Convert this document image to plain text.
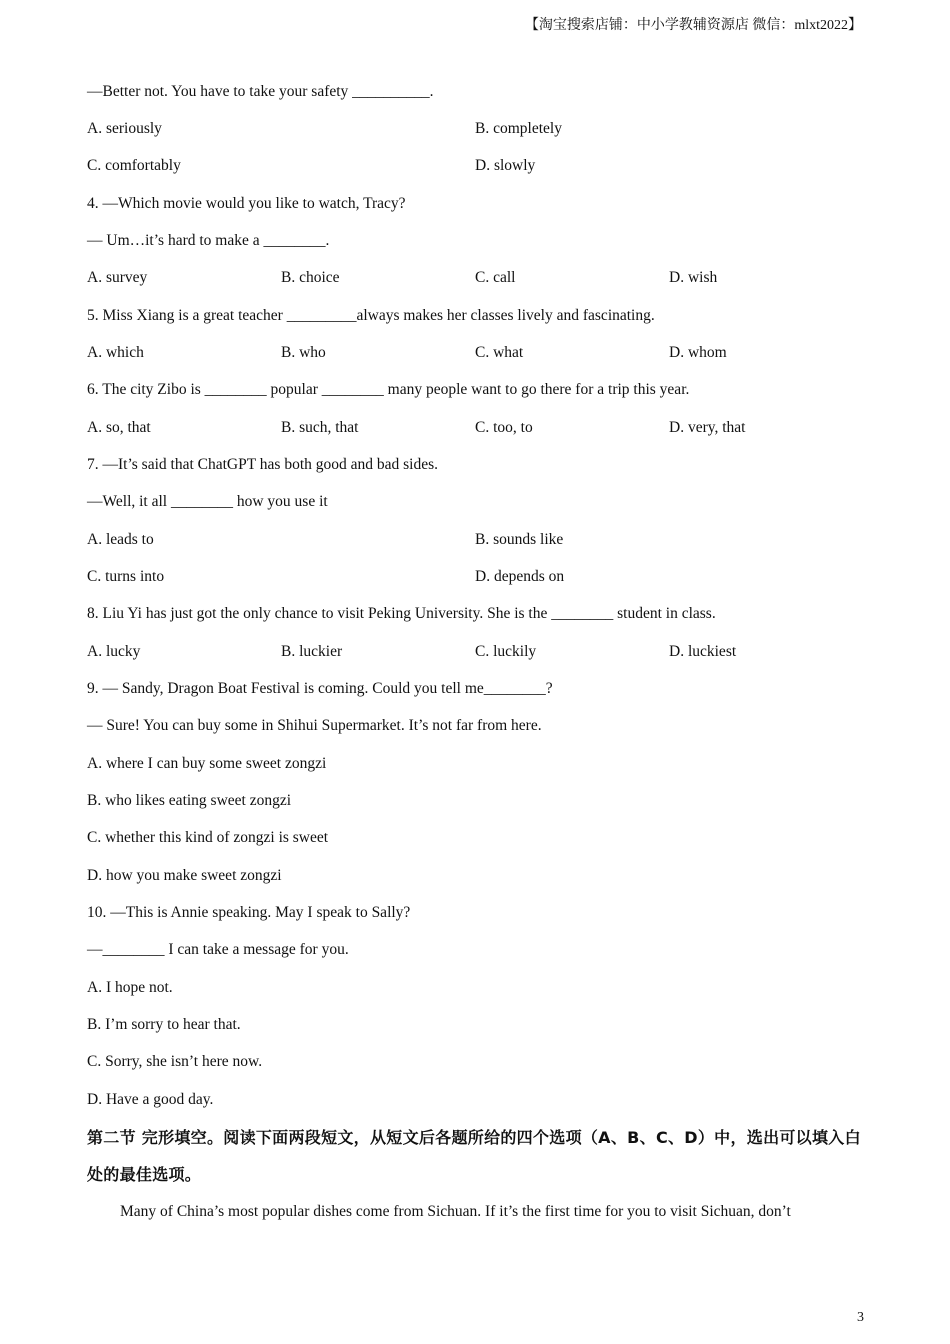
【淘宝搜索店铺：中小学教辅资源店 微信：mlxt2022】
—Better not. You have to take your safety __________.
A. seriously	B. completely
C. comfortably	D. slowly
4. —Which movie would you like to watch, Tracy?
— Um…it’s hard to make a ________.
A. survey	B. choice	C. call	D. wish
5. Miss Xiang is a great teacher _________always makes her classes lively and fascinating.
A. which	B. who	C. what	D. whom
6. The city Zibo is ________ popular ________ many people want to go there for a trip this year.
A. so, that	B. such, that	C. too, to	D. very, that
7. —It’s said that ChatGPT has both good and bad sides.
—Well, it all ________ how you use it
A. leads to	B. sounds like
C. turns into	D. depends on
8. Liu Yi has just got the only chance to visit Peking University. She is the ________ student in class.
A. lucky	B. luckier	C. luckily	D. luckiest
9. — Sandy, Dragon Boat Festival is coming. Could you tell me________?
— Sure! You can buy some in Shihui Supermarket. It’s not far from here.
A. where I can buy some sweet zongzi
B. who likes eating sweet zongzi
C. whether this kind of zongzi is sweet
D. how you make sweet zongzi
10. —This is Annie speaking. May I speak to Sally?
—________ I can take a message for you.
A. I hope not.
B. I’m sorry to hear that.
C. Sorry, she isn’t here now.
D. Have a good day.
第二节 完形填空。阅读下面两段短文，从短文后各题所给的四个选项（A、B、C、D）中，选出可以填入白处的最佳选项。
Many of China’s most popular dishes come from Sichuan. If it’s the first time for you to visit Sichuan, don’t
3
